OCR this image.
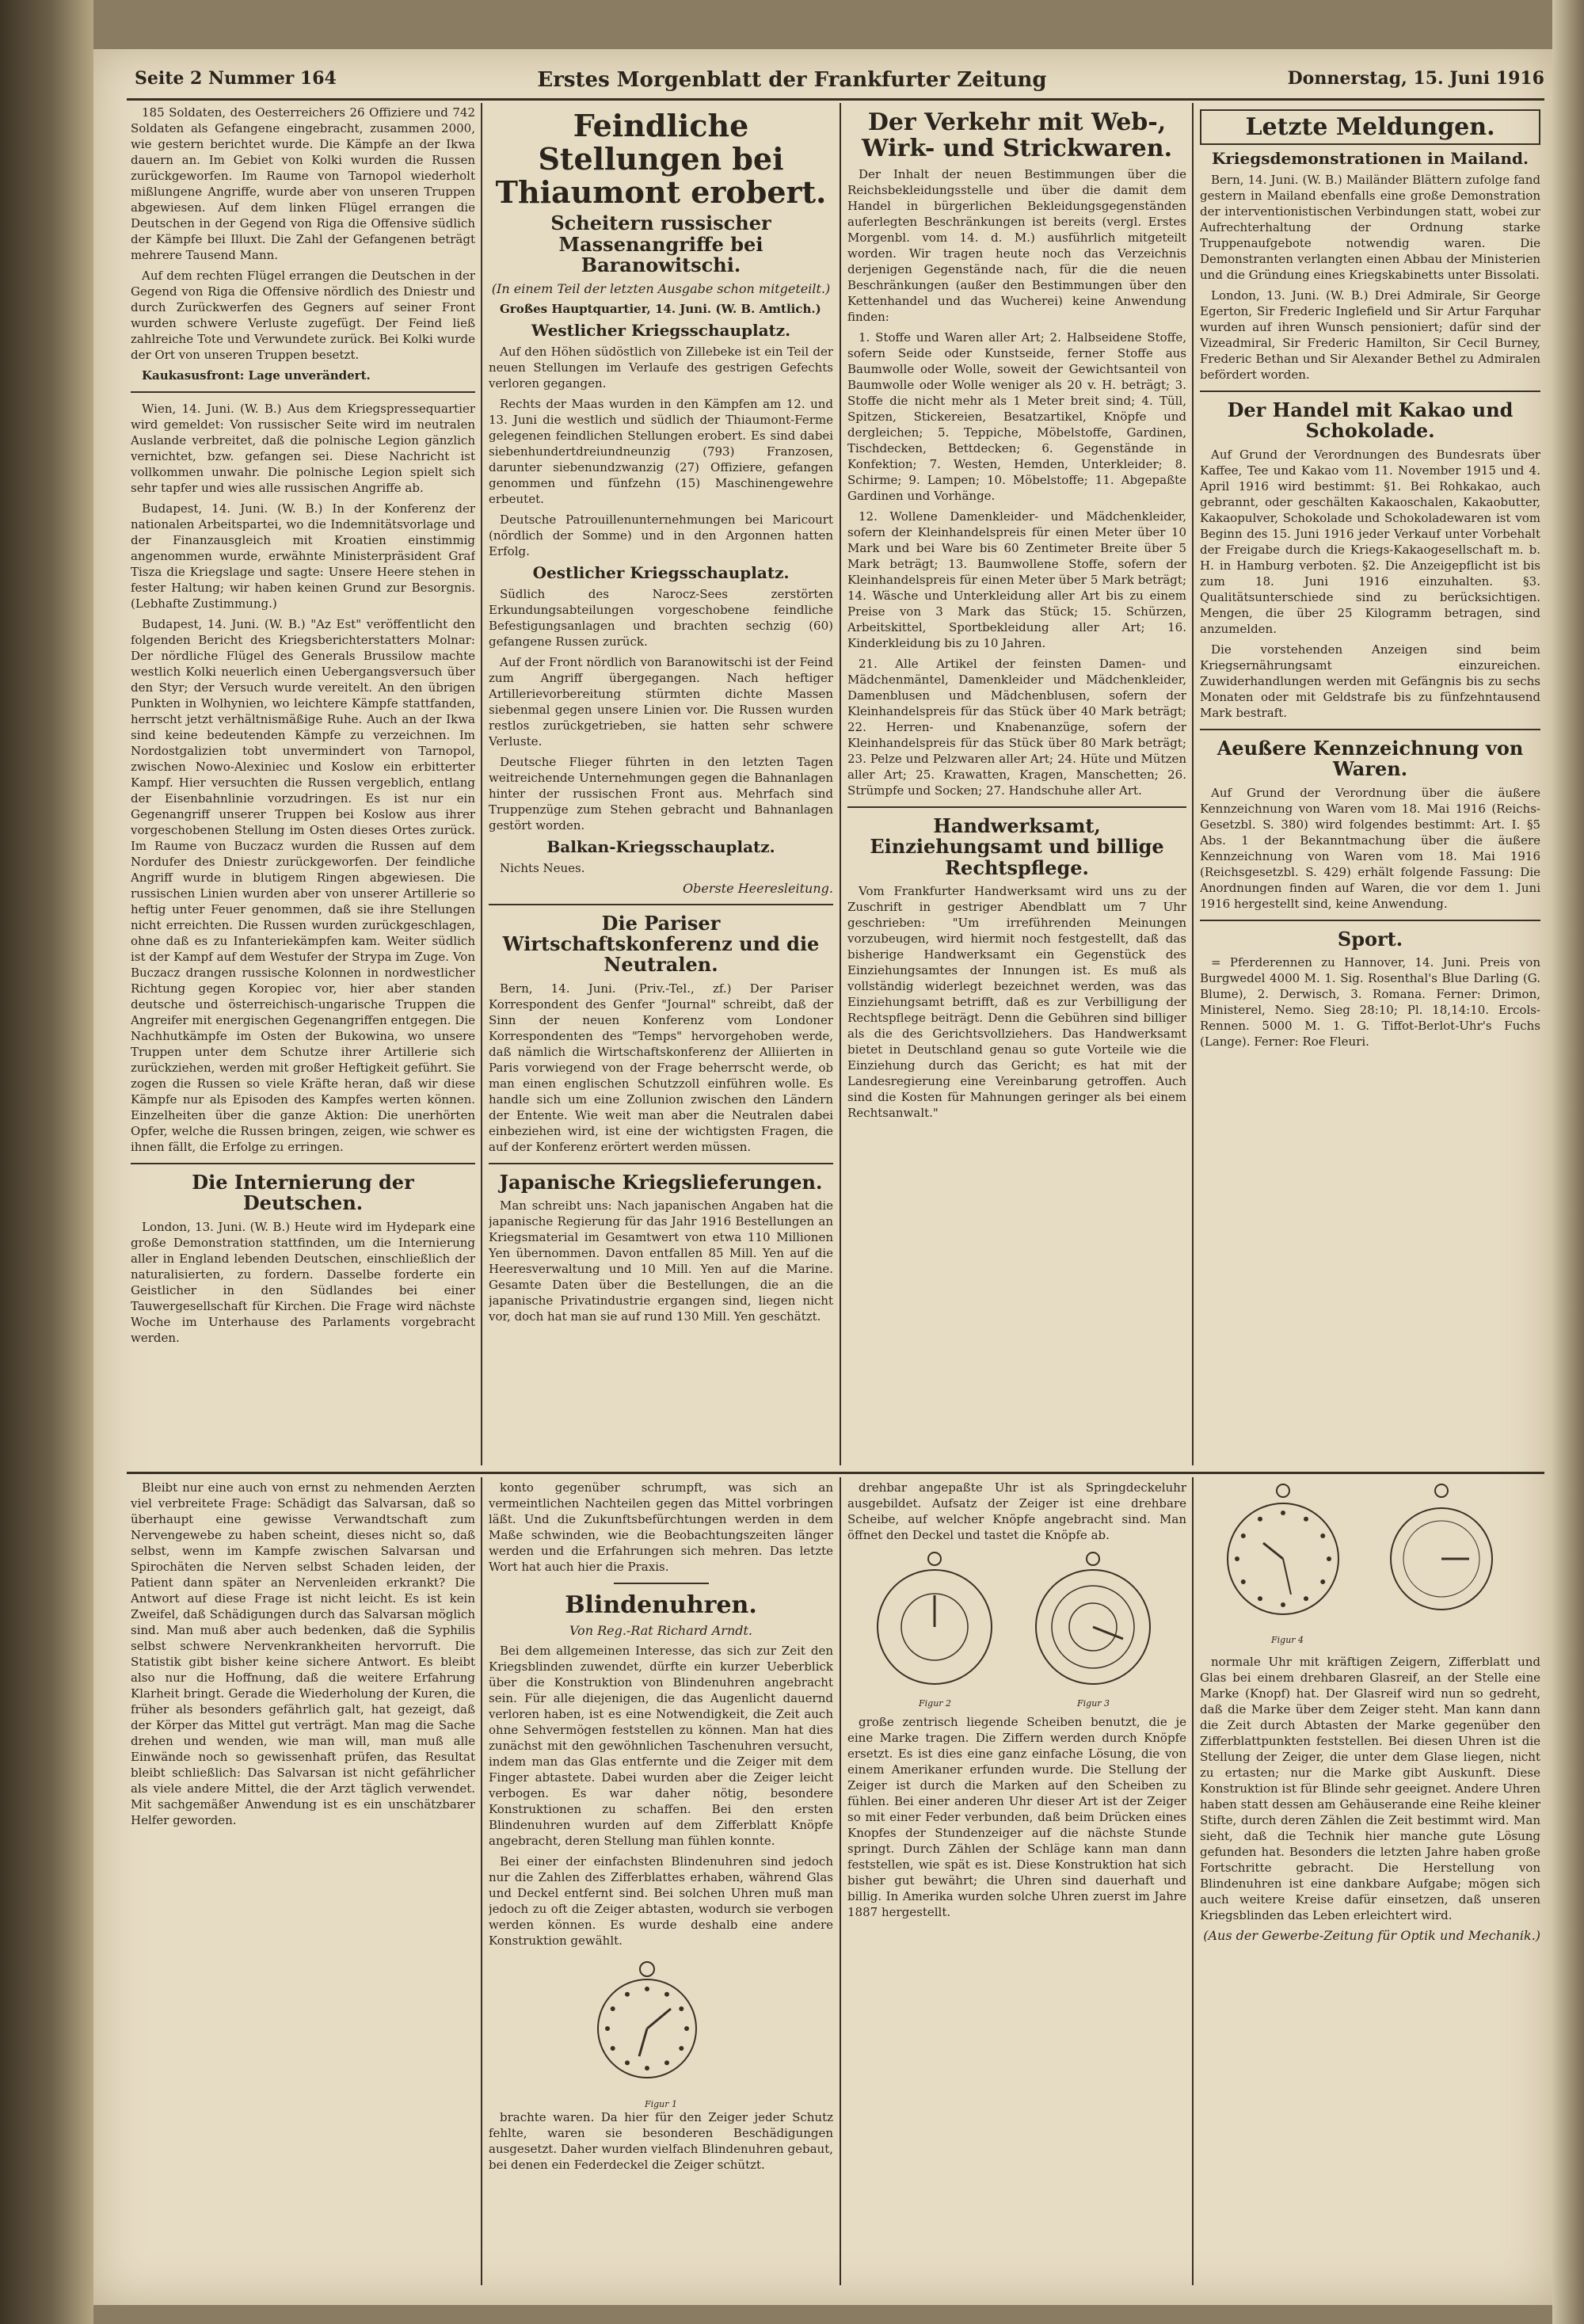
Seite 2 Nummer 164	Erstes Morgenblatt der Frankfurter Zeitung	Donnerstag, 15. Juni 1916

185 Soldaten, des Oesterreichers 26 Offiziere und 742 Soldaten als Gefangene eingebracht, zusammen 2000, wie gestern berichtet wurde. Die Kämpfe an der Ikwa dauern an. Im Gebiet von Kolki wurden die Russen zurückgeworfen. Im Raume von Tarnopol wiederholt mißlungene Angriffe, wurde aber von unseren Truppen abgewiesen. Auf dem linken Flügel errangen die Deutschen in der Gegend von Riga die Offensive südlich der Kämpfe bei Illuxt. Die Zahl der Gefangenen beträgt mehrere Tausend Mann.

Auf dem rechten Flügel errangen die Deutschen in der Gegend von Riga die Offensive nördlich des Dniestr und durch Zurückwerfen des Gegners auf seiner Front wurden schwere Verluste zugefügt. Der Feind ließ zahlreiche Tote und Verwundete zurück. Bei Kolki wurde der Ort von unseren Truppen besetzt.

Kaukasusfront: Lage unverändert.

Wien, 14. Juni. (W. B.) Aus dem Kriegspressequartier wird gemeldet: Von russischer Seite wird im neutralen Auslande verbreitet, daß die polnische Legion gänzlich vernichtet, bzw. gefangen sei. Diese Nachricht ist vollkommen unwahr. Die polnische Legion spielt sich sehr tapfer und wies alle russischen Angriffe ab.

Budapest, 14. Juni. (W. B.) In der Konferenz der nationalen Arbeitspartei, wo die Indemnitätsvorlage und der Finanzausgleich mit Kroatien einstimmig angenommen wurde, erwähnte Ministerpräsident Graf Tisza die Kriegslage und sagte: Unsere Heere stehen in fester Haltung; wir haben keinen Grund zur Besorgnis. (Lebhafte Zustimmung.)

Budapest, 14. Juni. (W. B.) "Az Est" veröffentlicht den folgenden Bericht des Kriegsberichterstatters Molnar: Der nördliche Flügel des Generals Brussilow machte westlich Kolki neuerlich einen Uebergangsversuch über den Styr; der Versuch wurde vereitelt. An den übrigen Punkten in Wolhynien, wo leichtere Kämpfe stattfanden, herrscht jetzt verhältnismäßige Ruhe. Auch an der Ikwa sind keine bedeutenden Kämpfe zu verzeichnen. Im Nordostgalizien tobt unvermindert von Tarnopol, zwischen Nowo-Alexiniec und Koslow ein erbitterter Kampf. Hier versuchten die Russen vergeblich, entlang der Eisenbahnlinie vorzudringen. Es ist nur ein Gegenangriff unserer Truppen bei Koslow aus ihrer vorgeschobenen Stellung im Osten dieses Ortes zurück. Im Raume von Buczacz wurden die Russen auf dem Nordufer des Dniestr zurückgeworfen. Der feindliche Angriff wurde in blutigem Ringen abgewiesen. Die russischen Linien wurden aber von unserer Artillerie so heftig unter Feuer genommen, daß sie ihre Stellungen nicht erreichten. Die Russen wurden zurückgeschlagen, ohne daß es zu Infanteriekämpfen kam. Weiter südlich ist der Kampf auf dem Westufer der Strypa im Zuge. Von Buczacz drangen russische Kolonnen in nordwestlicher Richtung gegen Koropiec vor, hier aber standen deutsche und österreichisch-ungarische Truppen die Angreifer mit energischen Gegenangriffen entgegen. Die Nachhutkämpfe im Osten der Bukowina, wo unsere Truppen unter dem Schutze ihrer Artillerie sich zurückziehen, werden mit großer Heftigkeit geführt. Sie zogen die Russen so viele Kräfte heran, daß wir diese Kämpfe nur als Episoden des Kampfes werten können. Einzelheiten über die ganze Aktion: Die unerhörten Opfer, welche die Russen bringen, zeigen, wie schwer es ihnen fällt, die Erfolge zu erringen.

Die Internierung der Deutschen.

London, 13. Juni. (W. B.) Heute wird im Hydepark eine große Demonstration stattfinden, um die Internierung aller in England lebenden Deutschen, einschließlich der naturalisierten, zu fordern. Dasselbe forderte ein Geistlicher in den Südlandes bei einer Tauwergesellschaft für Kirchen. Die Frage wird nächste Woche im Unterhause des Parlaments vorgebracht werden.

Feindliche Stellungen bei Thiaumont erobert.
Scheitern russischer Massenangriffe bei Baranowitschi.
(In einem Teil der letzten Ausgabe schon mitgeteilt.)

Großes Hauptquartier, 14. Juni. (W. B. Amtlich.)

Westlicher Kriegsschauplatz.

Auf den Höhen südöstlich von Zillebeke ist ein Teil der neuen Stellungen im Verlaufe des gestrigen Gefechts verloren gegangen.

Rechts der Maas wurden in den Kämpfen am 12. und 13. Juni die westlich und südlich der Thiaumont-Ferme gelegenen feindlichen Stellungen erobert. Es sind dabei siebenhundertdreiundneunzig (793) Franzosen, darunter siebenundzwanzig (27) Offiziere, gefangen genommen und fünfzehn (15) Maschinengewehre erbeutet.

Deutsche Patrouillenunternehmungen bei Maricourt (nördlich der Somme) und in den Argonnen hatten Erfolg.

Oestlicher Kriegsschauplatz.

Südlich des Narocz-Sees zerstörten Erkundungsabteilungen vorgeschobene feindliche Befestigungsanlagen und brachten sechzig (60) gefangene Russen zurück.

Auf der Front nördlich von Baranowitschi ist der Feind zum Angriff übergegangen. Nach heftiger Artillerievorbereitung stürmten dichte Massen siebenmal gegen unsere Linien vor. Die Russen wurden restlos zurückgetrieben, sie hatten sehr schwere Verluste.

Deutsche Flieger führten in den letzten Tagen weitreichende Unternehmungen gegen die Bahnanlagen hinter der russischen Front aus. Mehrfach sind Truppenzüge zum Stehen gebracht und Bahnanlagen gestört worden.

Balkan-Kriegsschauplatz.

Nichts Neues.

Oberste Heeresleitung.
Die Pariser Wirtschaftskonferenz und die Neutralen.

Bern, 14. Juni. (Priv.-Tel., zf.) Der Pariser Korrespondent des Genfer "Journal" schreibt, daß der Sinn der neuen Konferenz vom Londoner Korrespondenten des "Temps" hervorgehoben werde, daß nämlich die Wirtschaftskonferenz der Alliierten in Paris vorwiegend von der Frage beherrscht werde, ob man einen englischen Schutzzoll einführen wolle. Es handle sich um eine Zollunion zwischen den Ländern der Entente. Wie weit man aber die Neutralen dabei einbeziehen wird, ist eine der wichtigsten Fragen, die auf der Konferenz erörtert werden müssen.

Japanische Kriegslieferungen.

Man schreibt uns: Nach japanischen Angaben hat die japanische Regierung für das Jahr 1916 Bestellungen an Kriegsmaterial im Gesamtwert von etwa 110 Millionen Yen übernommen. Davon entfallen 85 Mill. Yen auf die Heeresverwaltung und 10 Mill. Yen auf die Marine. Gesamte Daten über die Bestellungen, die an die japanische Privatindustrie ergangen sind, liegen nicht vor, doch hat man sie auf rund 130 Mill. Yen geschätzt.

Der Verkehr mit Web-, Wirk- und Strickwaren.

Der Inhalt der neuen Bestimmungen über die Reichsbekleidungsstelle und über die damit dem Handel in bürgerlichen Bekleidungsgegenständen auferlegten Beschränkungen ist bereits (vergl. Erstes Morgenbl. vom 14. d. M.) ausführlich mitgeteilt worden. Wir tragen heute noch das Verzeichnis derjenigen Gegenstände nach, für die die neuen Beschränkungen (außer den Bestimmungen über den Kettenhandel und das Wucherei) keine Anwendung finden:

1. Stoffe und Waren aller Art; 2. Halbseidene Stoffe, sofern Seide oder Kunstseide, ferner Stoffe aus Baumwolle oder Wolle, soweit der Gewichtsanteil von Baumwolle oder Wolle weniger als 20 v. H. beträgt; 3. Stoffe die nicht mehr als 1 Meter breit sind; 4. Tüll, Spitzen, Stickereien, Besatzartikel, Knöpfe und dergleichen; 5. Teppiche, Möbelstoffe, Gardinen, Tischdecken, Bettdecken; 6. Gegenstände in Konfektion; 7. Westen, Hemden, Unterkleider; 8. Schirme; 9. Lampen; 10. Möbelstoffe; 11. Abgepaßte Gardinen und Vorhänge.

12. Wollene Damenkleider- und Mädchenkleider, sofern der Kleinhandelspreis für einen Meter über 10 Mark und bei Ware bis 60 Zentimeter Breite über 5 Mark beträgt; 13. Baumwollene Stoffe, sofern der Kleinhandelspreis für einen Meter über 5 Mark beträgt; 14. Wäsche und Unterkleidung aller Art bis zu einem Preise von 3 Mark das Stück; 15. Schürzen, Arbeitskittel, Sportbekleidung aller Art; 16. Kinderkleidung bis zu 10 Jahren.

21. Alle Artikel der feinsten Damen- und Mädchenmäntel, Damenkleider und Mädchenkleider, Damenblusen und Mädchenblusen, sofern der Kleinhandelspreis für das Stück über 40 Mark beträgt; 22. Herren- und Knabenanzüge, sofern der Kleinhandelspreis für das Stück über 80 Mark beträgt; 23. Pelze und Pelzwaren aller Art; 24. Hüte und Mützen aller Art; 25. Krawatten, Kragen, Manschetten; 26. Strümpfe und Socken; 27. Handschuhe aller Art.

Handwerksamt, Einziehungsamt und billige Rechtspflege.

Vom Frankfurter Handwerksamt wird uns zu der Zuschrift in gestriger Abendblatt um 7 Uhr geschrieben: "Um irreführenden Meinungen vorzubeugen, wird hiermit noch festgestellt, daß das bisherige Handwerksamt ein Gegenstück des Einziehungsamtes der Innungen ist. Es muß als vollständig widerlegt bezeichnet werden, was das Einziehungsamt betrifft, daß es zur Verbilligung der Rechtspflege beiträgt. Denn die Gebühren sind billiger als die des Gerichtsvollziehers. Das Handwerksamt bietet in Deutschland genau so gute Vorteile wie die Einziehung durch das Gericht; es hat mit der Landesregierung eine Vereinbarung getroffen. Auch sind die Kosten für Mahnungen geringer als bei einem Rechtsanwalt."

Letzte Meldungen.
Kriegsdemonstrationen in Mailand.

Bern, 14. Juni. (W. B.) Mailänder Blättern zufolge fand gestern in Mailand ebenfalls eine große Demonstration der interventionistischen Verbindungen statt, wobei zur Aufrechterhaltung der Ordnung starke Truppenaufgebote notwendig waren. Die Demonstranten verlangten einen Abbau der Ministerien und die Gründung eines Kriegskabinetts unter Bissolati.

London, 13. Juni. (W. B.) Drei Admirale, Sir George Egerton, Sir Frederic Inglefield und Sir Artur Farquhar wurden auf ihren Wunsch pensioniert; dafür sind der Vizeadmiral, Sir Frederic Hamilton, Sir Cecil Burney, Frederic Bethan und Sir Alexander Bethel zu Admiralen befördert worden.

Der Handel mit Kakao und Schokolade.

Auf Grund der Verordnungen des Bundesrats über Kaffee, Tee und Kakao vom 11. November 1915 und 4. April 1916 wird bestimmt: §1. Bei Rohkakao, auch gebrannt, oder geschälten Kakaoschalen, Kakaobutter, Kakaopulver, Schokolade und Schokoladewaren ist vom Beginn des 15. Juni 1916 jeder Verkauf unter Vorbehalt der Freigabe durch die Kriegs-Kakaogesellschaft m. b. H. in Hamburg verboten. §2. Die Anzeigepflicht ist bis zum 18. Juni 1916 einzuhalten. §3. Qualitätsunterschiede sind zu berücksichtigen. Mengen, die über 25 Kilogramm betragen, sind anzumelden.

Die vorstehenden Anzeigen sind beim Kriegsernährungsamt einzureichen. Zuwiderhandlungen werden mit Gefängnis bis zu sechs Monaten oder mit Geldstrafe bis zu fünfzehntausend Mark bestraft.

Aeußere Kennzeichnung von Waren.

Auf Grund der Verordnung über die äußere Kennzeichnung von Waren vom 18. Mai 1916 (Reichs-Gesetzbl. S. 380) wird folgendes bestimmt: Art. I. §5 Abs. 1 der Bekanntmachung über die äußere Kennzeichnung von Waren vom 18. Mai 1916 (Reichsgesetzbl. S. 429) erhält folgende Fassung: Die Anordnungen finden auf Waren, die vor dem 1. Juni 1916 hergestellt sind, keine Anwendung.

Sport.

= Pferderennen zu Hannover, 14. Juni. Preis von Burgwedel 4000 M. 1. Sig. Rosenthal's Blue Darling (G. Blume), 2. Derwisch, 3. Romana. Ferner: Drimon, Ministerel, Nemo. Sieg 28:10; Pl. 18,14:10. Ercols-Rennen. 5000 M. 1. G. Tiffot-Berlot-Uhr's Fuchs (Lange). Ferner: Roe Fleuri.

Bleibt nur eine auch von ernst zu nehmenden Aerzten viel verbreitete Frage: Schädigt das Salvarsan, daß so überhaupt eine gewisse Verwandtschaft zum Nervengewebe zu haben scheint, dieses nicht so, daß selbst, wenn im Kampfe zwischen Salvarsan und Spirochäten die Nerven selbst Schaden leiden, der Patient dann später an Nervenleiden erkrankt? Die Antwort auf diese Frage ist nicht leicht. Es ist kein Zweifel, daß Schädigungen durch das Salvarsan möglich sind. Man muß aber auch bedenken, daß die Syphilis selbst schwere Nervenkrankheiten hervorruft. Die Statistik gibt bisher keine sichere Antwort. Es bleibt also nur die Hoffnung, daß die weitere Erfahrung Klarheit bringt. Gerade die Wiederholung der Kuren, die früher als besonders gefährlich galt, hat gezeigt, daß der Körper das Mittel gut verträgt. Man mag die Sache drehen und wenden, wie man will, man muß alle Einwände noch so gewissenhaft prüfen, das Resultat bleibt schließlich: Das Salvarsan ist nicht gefährlicher als viele andere Mittel, die der Arzt täglich verwendet. Mit sachgemäßer Anwendung ist es ein unschätzbarer Helfer geworden.

konto gegenüber schrumpft, was sich an vermeintlichen Nachteilen gegen das Mittel vorbringen läßt. Und die Zukunftsbefürchtungen werden in dem Maße schwinden, wie die Beobachtungszeiten länger werden und die Erfahrungen sich mehren. Das letzte Wort hat auch hier die Praxis.

Blindenuhren.
Von Reg.-Rat Richard Arndt.

Bei dem allgemeinen Interesse, das sich zur Zeit den Kriegsblinden zuwendet, dürfte ein kurzer Ueberblick über die Konstruktion von Blindenuhren angebracht sein. Für alle diejenigen, die das Augenlicht dauernd verloren haben, ist es eine Notwendigkeit, die Zeit auch ohne Sehvermögen feststellen zu können. Man hat dies zunächst mit den gewöhnlichen Taschenuhren versucht, indem man das Glas entfernte und die Zeiger mit dem Finger abtastete. Dabei wurden aber die Zeiger leicht verbogen. Es war daher nötig, besondere Konstruktionen zu schaffen. Bei den ersten Blindenuhren wurden auf dem Zifferblatt Knöpfe angebracht, deren Stellung man fühlen konnte.

Bei einer der einfachsten Blindenuhren sind jedoch nur die Zahlen des Zifferblattes erhaben, während Glas und Deckel entfernt sind. Bei solchen Uhren muß man jedoch zu oft die Zeiger abtasten, wodurch sie verbogen werden können. Es wurde deshalb eine andere Konstruktion gewählt.

Figur 1

brachte waren. Da hier für den Zeiger jeder Schutz fehlte, waren sie besonderen Beschädigungen ausgesetzt. Daher wurden vielfach Blindenuhren gebaut, bei denen ein Federdeckel die Zeiger schützt.

drehbar angepaßte Uhr ist als Springdeckeluhr ausgebildet. Aufsatz der Zeiger ist eine drehbare Scheibe, auf welcher Knöpfe angebracht sind. Man öffnet den Deckel und tastet die Knöpfe ab.

Figur 2	Figur 3

große zentrisch liegende Scheiben benutzt, die je eine Marke tragen. Die Ziffern werden durch Knöpfe ersetzt. Es ist dies eine ganz einfache Lösung, die von einem Amerikaner erfunden wurde. Die Stellung der Zeiger ist durch die Marken auf den Scheiben zu fühlen. Bei einer anderen Uhr dieser Art ist der Zeiger so mit einer Feder verbunden, daß beim Drücken eines Knopfes der Stundenzeiger auf die nächste Stunde springt. Durch Zählen der Schläge kann man dann feststellen, wie spät es ist. Diese Konstruktion hat sich bisher gut bewährt; die Uhren sind dauerhaft und billig. In Amerika wurden solche Uhren zuerst im Jahre 1887 hergestellt.

Figur 4

normale Uhr mit kräftigen Zeigern, Zifferblatt und Glas bei einem drehbaren Glasreif, an der Stelle eine Marke (Knopf) hat. Der Glasreif wird nun so gedreht, daß die Marke über dem Zeiger steht. Man kann dann die Zeit durch Abtasten der Marke gegenüber den Zifferblattpunkten feststellen. Bei diesen Uhren ist die Stellung der Zeiger, die unter dem Glase liegen, nicht zu ertasten; nur die Marke gibt Auskunft. Diese Konstruktion ist für Blinde sehr geeignet. Andere Uhren haben statt dessen am Gehäuserande eine Reihe kleiner Stifte, durch deren Zählen die Zeit bestimmt wird. Man sieht, daß die Technik hier manche gute Lösung gefunden hat. Besonders die letzten Jahre haben große Fortschritte gebracht. Die Herstellung von Blindenuhren ist eine dankbare Aufgabe; mögen sich auch weitere Kreise dafür einsetzen, daß unseren Kriegsblinden das Leben erleichtert wird.

(Aus der Gewerbe-Zeitung für Optik und Mechanik.)
